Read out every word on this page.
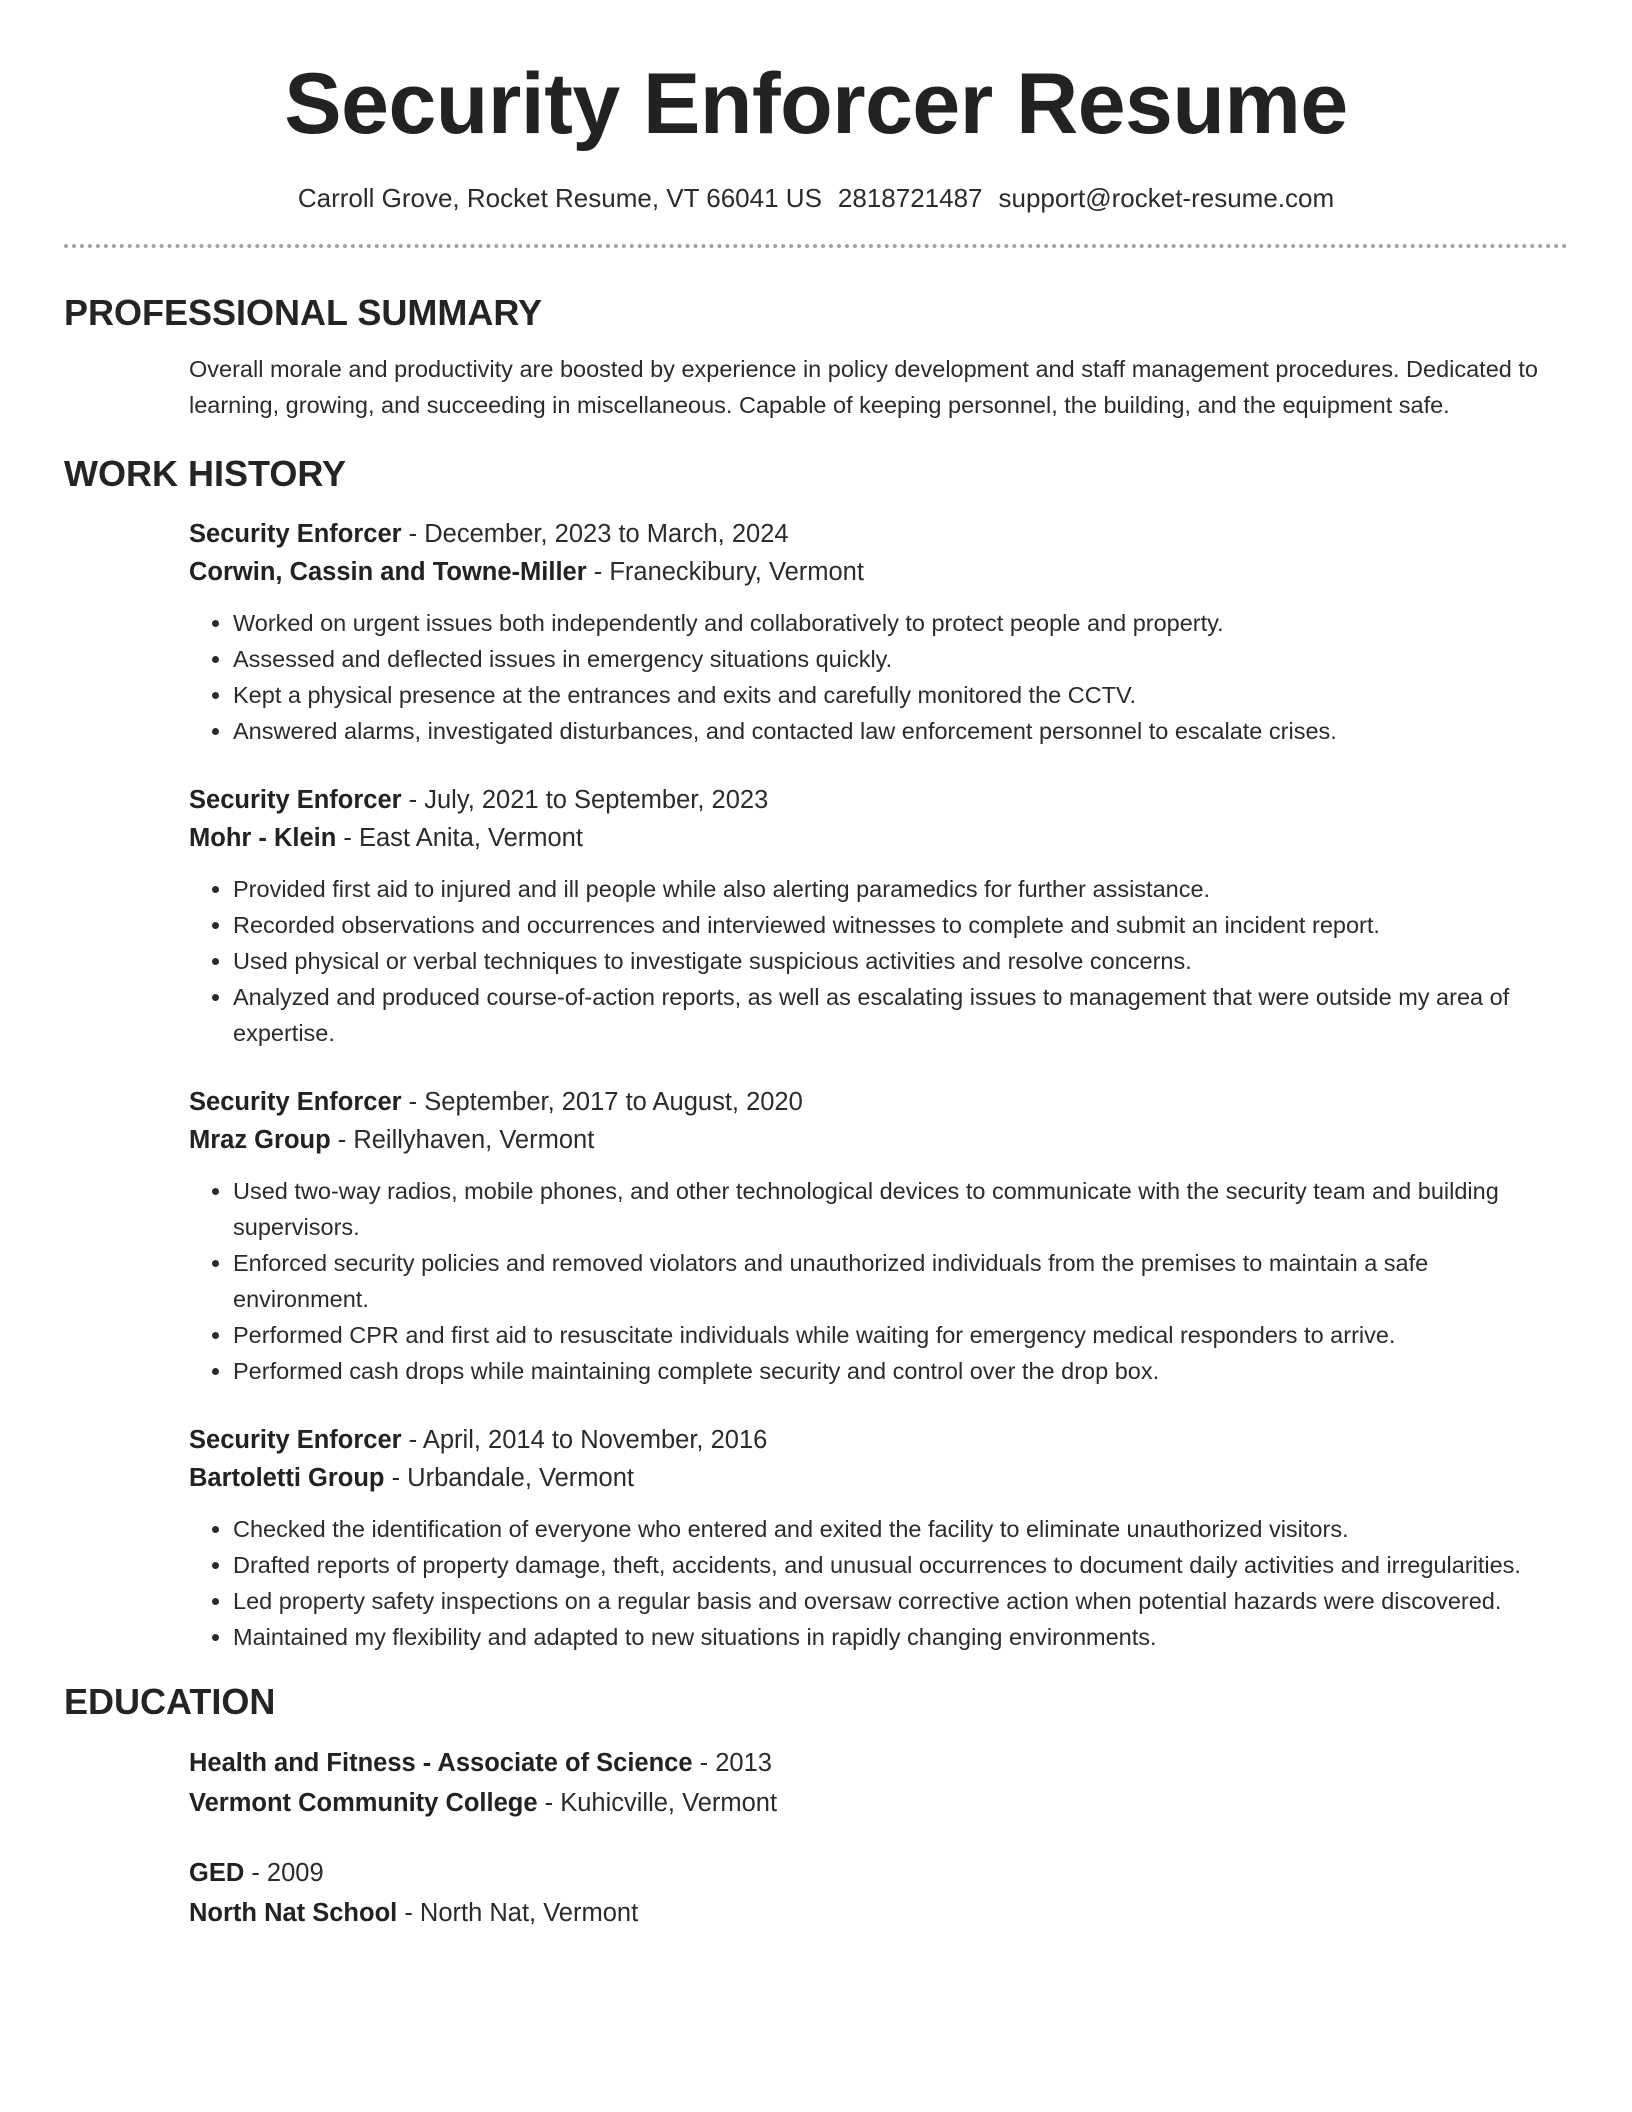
Security Enforcer Resume
Carroll Grove, Rocket Resume, VT 66041 US 2818721487 support@rocket-resume.com
PROFESSIONAL SUMMARY

Overall morale and productivity are boosted by experience in policy development and staff management procedures. Dedicated to learning, growing, and succeeding in miscellaneous. Capable of keeping personnel, the building, and the equipment safe.

WORK HISTORY
Security Enforcer - December, 2023 to March, 2024
Corwin, Cassin and Towne-Miller - Franeckibury, Vermont
• Worked on urgent issues both independently and collaboratively to protect people and property.
• Assessed and deflected issues in emergency situations quickly.
• Kept a physical presence at the entrances and exits and carefully monitored the CCTV.
• Answered alarms, investigated disturbances, and contacted law enforcement personnel to escalate crises.
Security Enforcer - July, 2021 to September, 2023
Mohr - Klein - East Anita, Vermont
• Provided first aid to injured and ill people while also alerting paramedics for further assistance.
• Recorded observations and occurrences and interviewed witnesses to complete and submit an incident report.
• Used physical or verbal techniques to investigate suspicious activities and resolve concerns.
• Analyzed and produced course-of-action reports, as well as escalating issues to management that were outside my area of expertise.
Security Enforcer - September, 2017 to August, 2020
Mraz Group - Reillyhaven, Vermont
• Used two-way radios, mobile phones, and other technological devices to communicate with the security team and building supervisors.
• Enforced security policies and removed violators and unauthorized individuals from the premises to maintain a safe environment.
• Performed CPR and first aid to resuscitate individuals while waiting for emergency medical responders to arrive.
• Performed cash drops while maintaining complete security and control over the drop box.
Security Enforcer - April, 2014 to November, 2016
Bartoletti Group - Urbandale, Vermont
• Checked the identification of everyone who entered and exited the facility to eliminate unauthorized visitors.
• Drafted reports of property damage, theft, accidents, and unusual occurrences to document daily activities and irregularities.
• Led property safety inspections on a regular basis and oversaw corrective action when potential hazards were discovered.
• Maintained my flexibility and adapted to new situations in rapidly changing environments.
EDUCATION
Health and Fitness - Associate of Science - 2013
Vermont Community College - Kuhicville, Vermont
GED - 2009
North Nat School - North Nat, Vermont
